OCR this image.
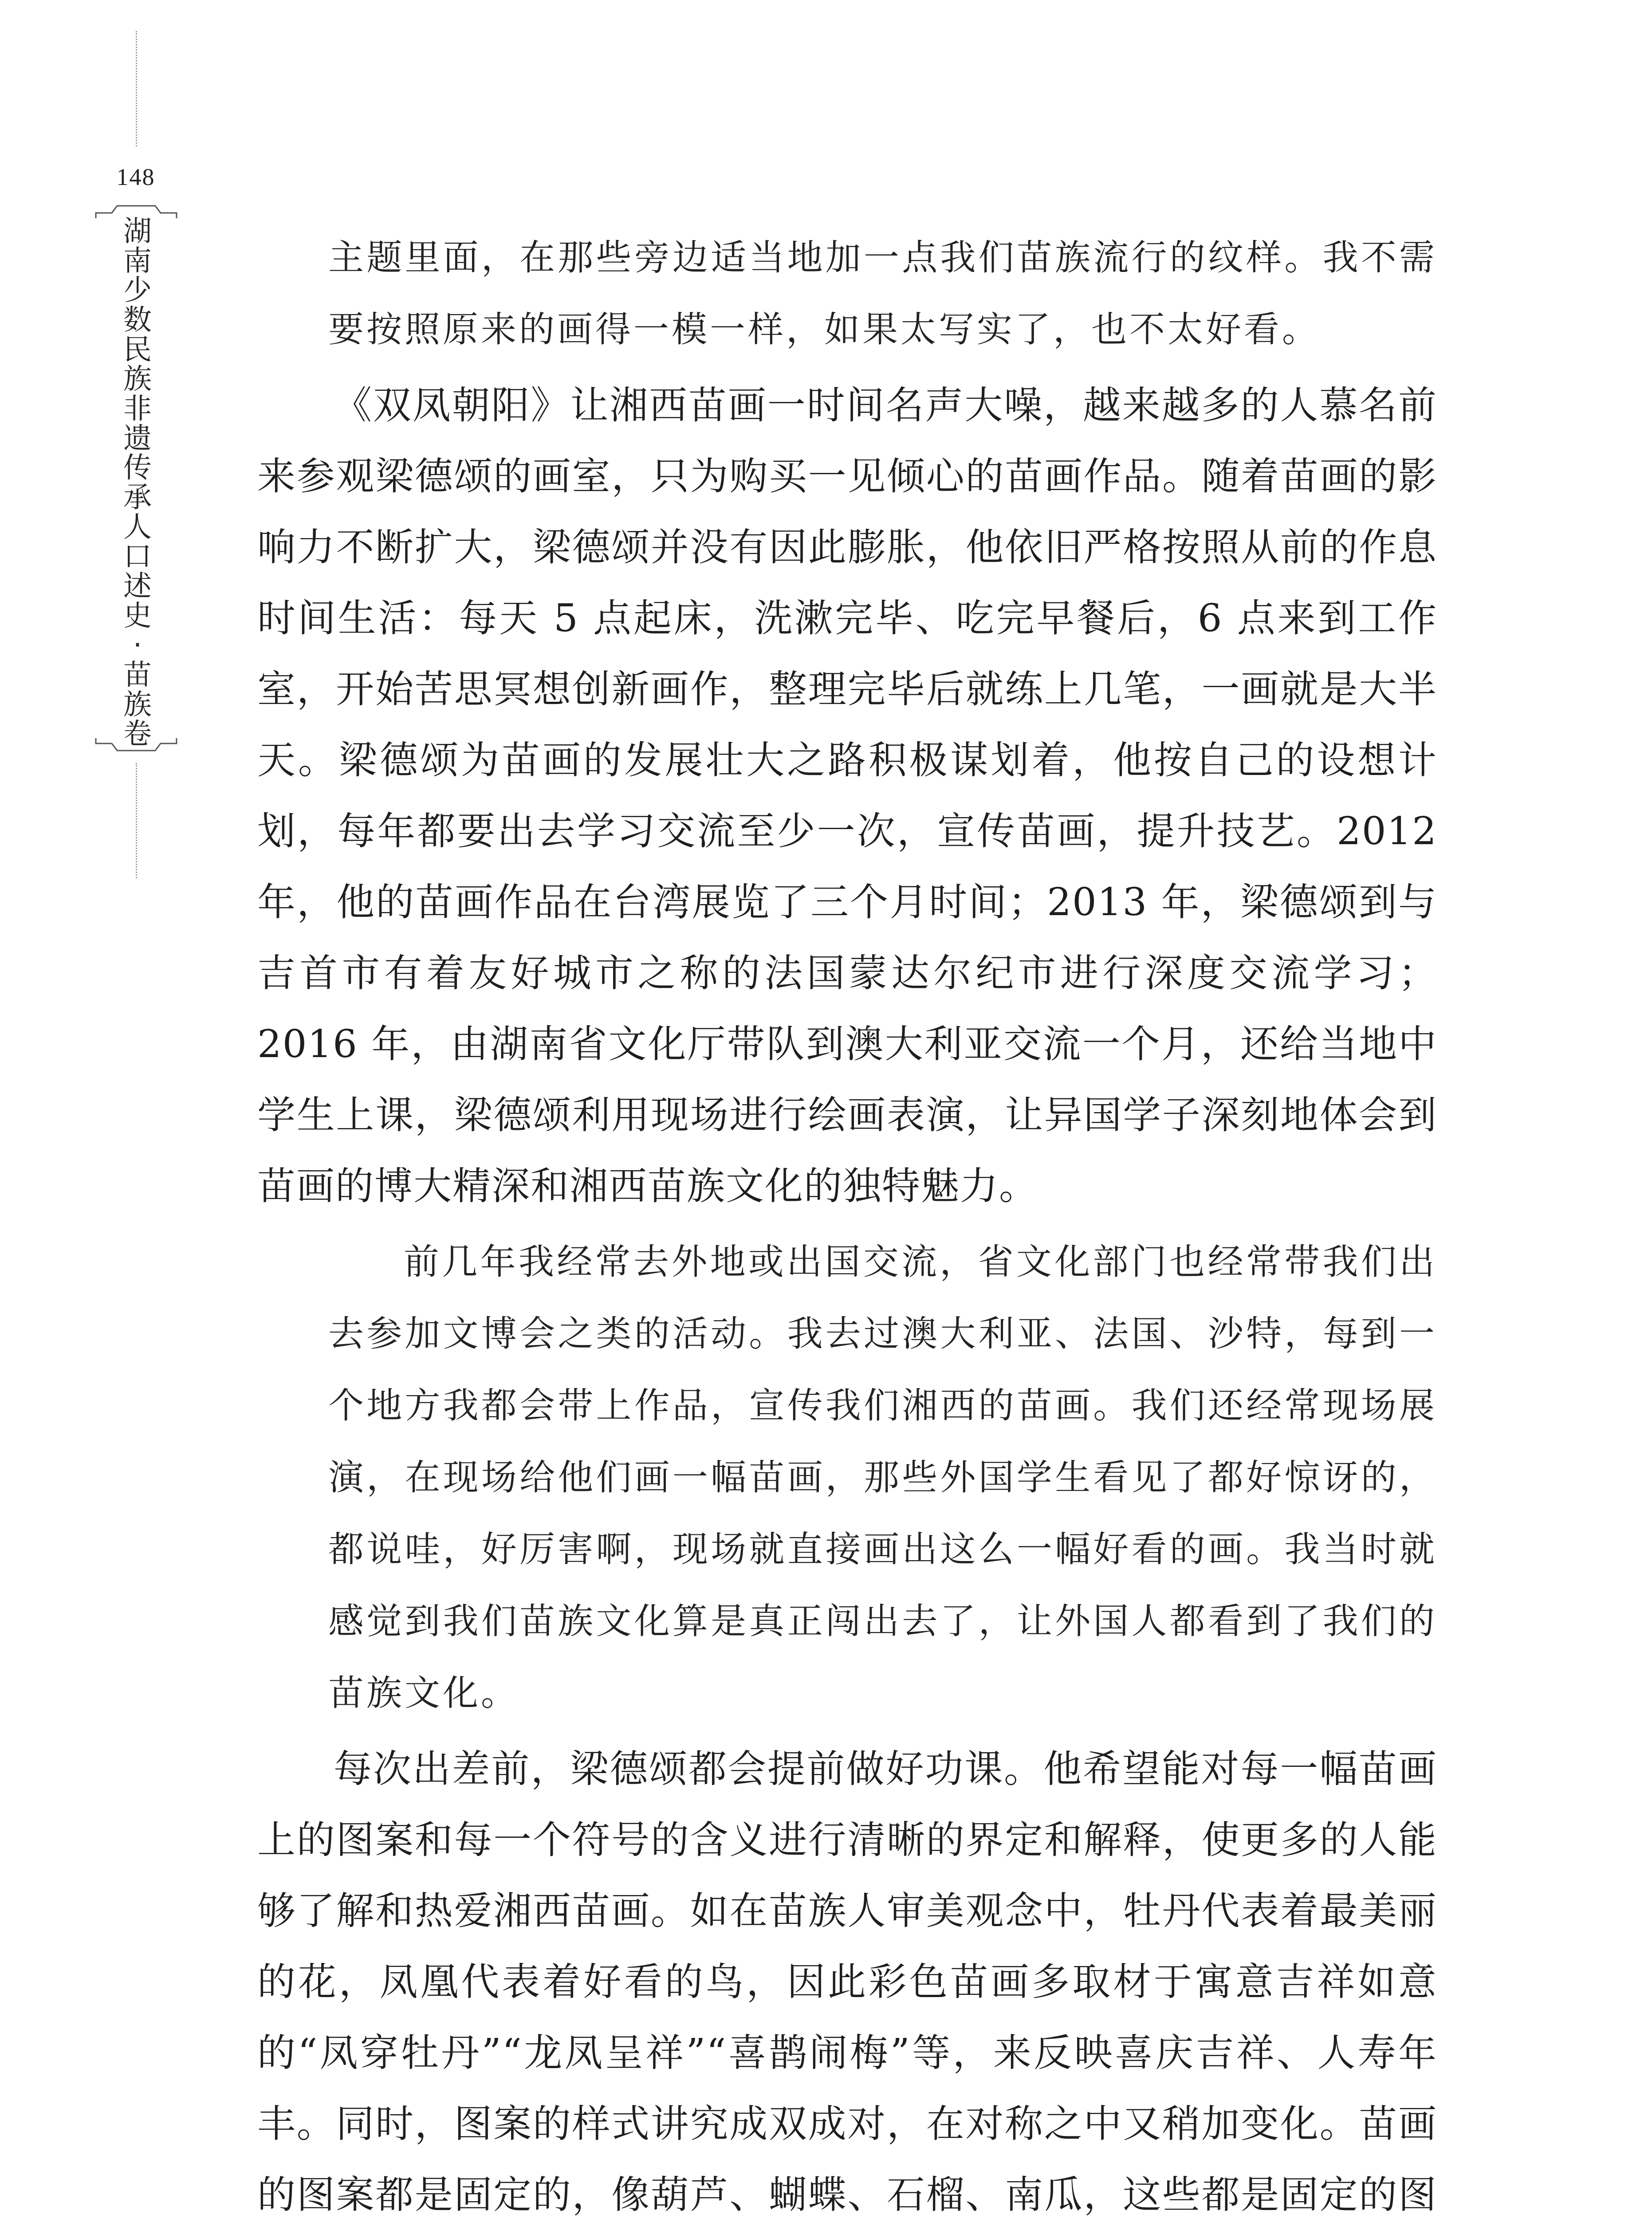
148
湖
南
少
数
民
族
非
遗
传
承
人
口
述
史
·
苗
族
卷

主题里面，在那些旁边适当地加一点我们苗族流行的纹样。我不需要按照原来的画得一模一样，如果太写实了，也不太好看。

《双凤朝阳》让湘西苗画一时间名声大噪，越来越多的人慕名前来参观梁德颂的画室，只为购买一见倾心的苗画作品。随着苗画的影响力不断扩大，梁德颂并没有因此膨胀，他依旧严格按照从前的作息时间生活：每天 5 点起床，洗漱完毕、吃完早餐后，6 点来到工作室，开始苦思冥想创新画作，整理完毕后就练上几笔，一画就是大半天。梁德颂为苗画的发展壮大之路积极谋划着，他按自己的设想计划，每年都要出去学习交流至少一次，宣传苗画，提升技艺。2012 年，他的苗画作品在台湾展览了三个月时间；2013 年，梁德颂到与吉首市有着友好城市之称的法国蒙达尔纪市进行深度交流学习；2016 年，由湖南省文化厅带队到澳大利亚交流一个月，还给当地中学生上课，梁德颂利用现场进行绘画表演，让异国学子深刻地体会到苗画的博大精深和湘西苗族文化的独特魅力。

前几年我经常去外地或出国交流，省文化部门也经常带我们出去参加文博会之类的活动。我去过澳大利亚、法国、沙特，每到一个地方我都会带上作品，宣传我们湘西的苗画。我们还经常现场展演，在现场给他们画一幅苗画，那些外国学生看见了都好惊讶的，都说哇，好厉害啊，现场就直接画出这么一幅好看的画。我当时就感觉到我们苗族文化算是真正闯出去了，让外国人都看到了我们的苗族文化。

每次出差前，梁德颂都会提前做好功课。他希望能对每一幅苗画上的图案和每一个符号的含义进行清晰的界定和解释，使更多的人能够了解和热爱湘西苗画。如在苗族人审美观念中，牡丹代表着最美丽的花，凤凰代表着好看的鸟，因此彩色苗画多取材于寓意吉祥如意的“凤穿牡丹”“龙凤呈祥”“喜鹊闹梅”等，来反映喜庆吉祥、人寿年丰。同时，图案的样式讲究成双成对，在对称之中又稍加变化。苗画的图案都是固定的，像葫芦、蝴蝶、石榴、南瓜，这些都是固定的图
